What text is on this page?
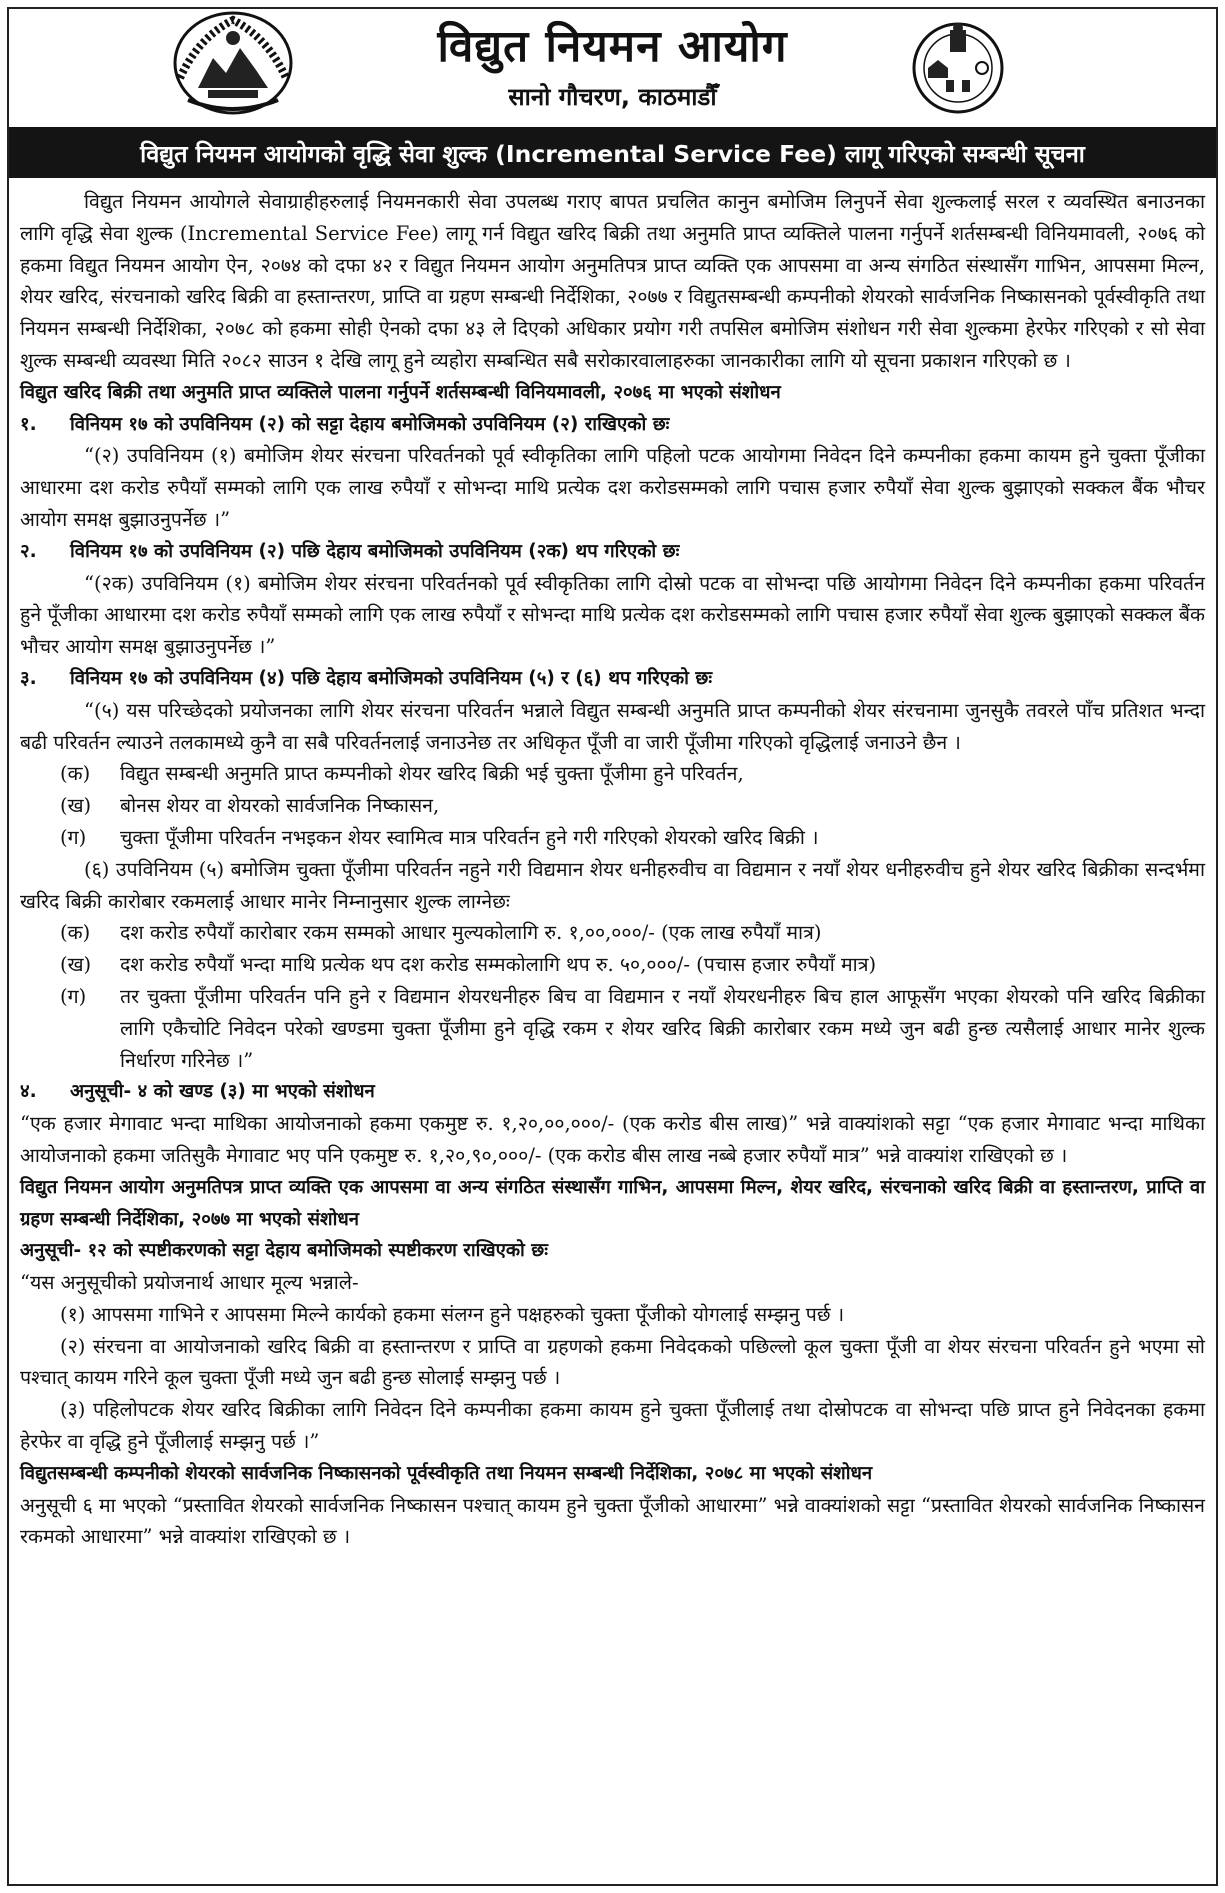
विद्युत नियमन आयोग
सानो गौचरण, काठमाडौँ
विद्युत नियमन आयोगको वृद्धि सेवा शुल्क (Incremental Service Fee) लागू गरिएको सम्बन्धी सूचना

विद्युत नियमन आयोगले सेवाग्राहीहरुलाई नियमनकारी सेवा उपलब्ध गराए बापत प्रचलित कानुन बमोजिम लिनुपर्ने सेवा शुल्कलाई सरल र व्यवस्थित बनाउनका लागि वृद्धि सेवा शुल्क (Incremental Service Fee) लागू गर्न विद्युत खरिद बिक्री तथा अनुमति प्राप्त व्यक्तिले पालना गर्नुपर्ने शर्तसम्बन्धी विनियमावली, २०७६ को हकमा विद्युत नियमन आयोग ऐन, २०७४ को दफा ४२ र विद्युत नियमन आयोग अनुमतिपत्र प्राप्त व्यक्ति एक आपसमा वा अन्य संगठित संस्थासँग गाभिन, आपसमा मिल्न, शेयर खरिद, संरचनाको खरिद बिक्री वा हस्तान्तरण, प्राप्ति वा ग्रहण सम्बन्धी निर्देशिका, २०७७ र विद्युतसम्बन्धी कम्पनीको शेयरको सार्वजनिक निष्कासनको पूर्वस्वीकृति तथा नियमन सम्बन्धी निर्देशिका, २०७८ को हकमा सोही ऐनको दफा ४३ ले दिएको अधिकार प्रयोग गरी तपसिल बमोजिम संशोधन गरी सेवा शुल्कमा हेरफेर गरिएको र सो सेवा शुल्क सम्बन्धी व्यवस्था मिति २०८२ साउन १ देखि लागू हुने व्यहोरा सम्बन्धित सबै सरोकारवालाहरुका जानकारीका लागि यो सूचना प्रकाशन गरिएको छ ।

विद्युत खरिद बिक्री तथा अनुमति प्राप्त व्यक्तिले पालना गर्नुपर्ने शर्तसम्बन्धी विनियमावली, २०७६ मा भएको संशोधन

१.	विनियम १७ को उपविनियम (२) को सट्टा देहाय बमोजिमको उपविनियम (२) राखिएको छः

“(२) उपविनियम (१) बमोजिम शेयर संरचना परिवर्तनको पूर्व स्वीकृतिका लागि पहिलो पटक आयोगमा निवेदन दिने कम्पनीका हकमा कायम हुने चुक्ता पूँजीका आधारमा दश करोड रुपैयाँ सम्मको लागि एक लाख रुपैयाँ र सोभन्दा माथि प्रत्येक दश करोडसम्मको लागि पचास हजार रुपैयाँ सेवा शुल्क बुझाएको सक्कल बैंक भौचर आयोग समक्ष बुझाउनुपर्नेछ ।”

२.	विनियम १७ को उपविनियम (२) पछि देहाय बमोजिमको उपविनियम (२क) थप गरिएको छः

“(२क) उपविनियम (१) बमोजिम शेयर संरचना परिवर्तनको पूर्व स्वीकृतिका लागि दोस्रो पटक वा सोभन्दा पछि आयोगमा निवेदन दिने कम्पनीका हकमा परिवर्तन हुने पूँजीका आधारमा दश करोड रुपैयाँ सम्मको लागि एक लाख रुपैयाँ र सोभन्दा माथि प्रत्येक दश करोडसम्मको लागि पचास हजार रुपैयाँ सेवा शुल्क बुझाएको सक्कल बैंक भौचर आयोग समक्ष बुझाउनुपर्नेछ ।”

३.	विनियम १७ को उपविनियम (४) पछि देहाय बमोजिमको उपविनियम (५) र (६) थप गरिएको छः

“(५) यस परिच्छेदको प्रयोजनका लागि शेयर संरचना परिवर्तन भन्नाले विद्युत सम्बन्धी अनुमति प्राप्त कम्पनीको शेयर संरचनामा जुनसुकै तवरले पाँच प्रतिशत भन्दा बढी परिवर्तन ल्याउने तलकामध्ये कुनै वा सबै परिवर्तनलाई जनाउनेछ तर अधिकृत पूँजी वा जारी पूँजीमा गरिएको वृद्धिलाई जनाउने छैन ।

(क)	विद्युत सम्बन्धी अनुमति प्राप्त कम्पनीको शेयर खरिद बिक्री भई चुक्ता पूँजीमा हुने परिवर्तन,
(ख)	बोनस शेयर वा शेयरको सार्वजनिक निष्कासन,
(ग)	चुक्ता पूँजीमा परिवर्तन नभइकन शेयर स्वामित्व मात्र परिवर्तन हुने गरी गरिएको शेयरको खरिद बिक्री ।

(६) उपविनियम (५) बमोजिम चुक्ता पूँजीमा परिवर्तन नहुने गरी विद्यमान शेयर धनीहरुवीच वा विद्यमान र नयाँ शेयर धनीहरुवीच हुने शेयर खरिद बिक्रीका सन्दर्भमा खरिद बिक्री कारोबार रकमलाई आधार मानेर निम्नानुसार शुल्क लाग्नेछः

(क)	दश करोड रुपैयाँ कारोबार रकम सम्मको आधार मुल्यकोलागि रु. १,००,०००/- (एक लाख रुपैयाँ मात्र)
(ख)	दश करोड रुपैयाँ भन्दा माथि प्रत्येक थप दश करोड सम्मकोलागि थप रु. ५०,०००/- (पचास हजार रुपैयाँ मात्र)
(ग)	तर चुक्ता पूँजीमा परिवर्तन पनि हुने र विद्यमान शेयरधनीहरु बिच वा विद्यमान र नयाँ शेयरधनीहरु बिच हाल आफूसँग भएका शेयरको पनि खरिद बिक्रीका लागि एकैचोटि निवेदन परेको खण्डमा चुक्ता पूँजीमा हुने वृद्धि रकम र शेयर खरिद बिक्री कारोबार रकम मध्ये जुन बढी हुन्छ त्यसैलाई आधार मानेर शुल्क निर्धारण गरिनेछ ।”
४.	अनुसूची- ४ को खण्ड (३) मा भएको संशोधन

“एक हजार मेगावाट भन्दा माथिका आयोजनाको हकमा एकमुष्ट रु. १,२०,००,०००/- (एक करोड बीस लाख)” भन्ने वाक्यांशको सट्टा “एक हजार मेगावाट भन्दा माथिका आयोजनाको हकमा जतिसुकै मेगावाट भए पनि एकमुष्ट रु. १,२०,९०,०००/- (एक करोड बीस लाख नब्बे हजार रुपैयाँ मात्र” भन्ने वाक्यांश राखिएको छ ।

विद्युत नियमन आयोग अनुमतिपत्र प्राप्त व्यक्ति एक आपसमा वा अन्य संगठित संस्थासँग गाभिन, आपसमा मिल्न, शेयर खरिद, संरचनाको खरिद बिक्री वा हस्तान्तरण, प्राप्ति वा ग्रहण सम्बन्धी निर्देशिका, २०७७ मा भएको संशोधन

अनुसूची- १२ को स्पष्टीकरणको सट्टा देहाय बमोजिमको स्पष्टीकरण राखिएको छः

“यस अनुसूचीको प्रयोजनार्थ आधार मूल्य भन्नाले-

(१) आपसमा गाभिने र आपसमा मिल्ने कार्यको हकमा संलग्न हुने पक्षहरुको चुक्ता पूँजीको योगलाई सम्झनु पर्छ ।

(२) संरचना वा आयोजनाको खरिद बिक्री वा हस्तान्तरण र प्राप्ति वा ग्रहणको हकमा निवेदकको पछिल्लो कूल चुक्ता पूँजी वा शेयर संरचना परिवर्तन हुने भएमा सो पश्चात् कायम गरिने कूल चुक्ता पूँजी मध्ये जुन बढी हुन्छ सोलाई सम्झनु पर्छ ।

(३) पहिलोपटक शेयर खरिद बिक्रीका लागि निवेदन दिने कम्पनीका हकमा कायम हुने चुक्ता पूँजीलाई तथा दोस्रोपटक वा सोभन्दा पछि प्राप्त हुने निवेदनका हकमा हेरफेर वा वृद्धि हुने पूँजीलाई सम्झनु पर्छ ।”

विद्युतसम्बन्धी कम्पनीको शेयरको सार्वजनिक निष्कासनको पूर्वस्वीकृति तथा नियमन सम्बन्धी निर्देशिका, २०७८ मा भएको संशोधन

अनुसूची ६ मा भएको “प्रस्तावित शेयरको सार्वजनिक निष्कासन पश्चात् कायम हुने चुक्ता पूँजीको आधारमा” भन्ने वाक्यांशको सट्टा “प्रस्तावित शेयरको सार्वजनिक निष्कासन रकमको आधारमा” भन्ने वाक्यांश राखिएको छ ।
